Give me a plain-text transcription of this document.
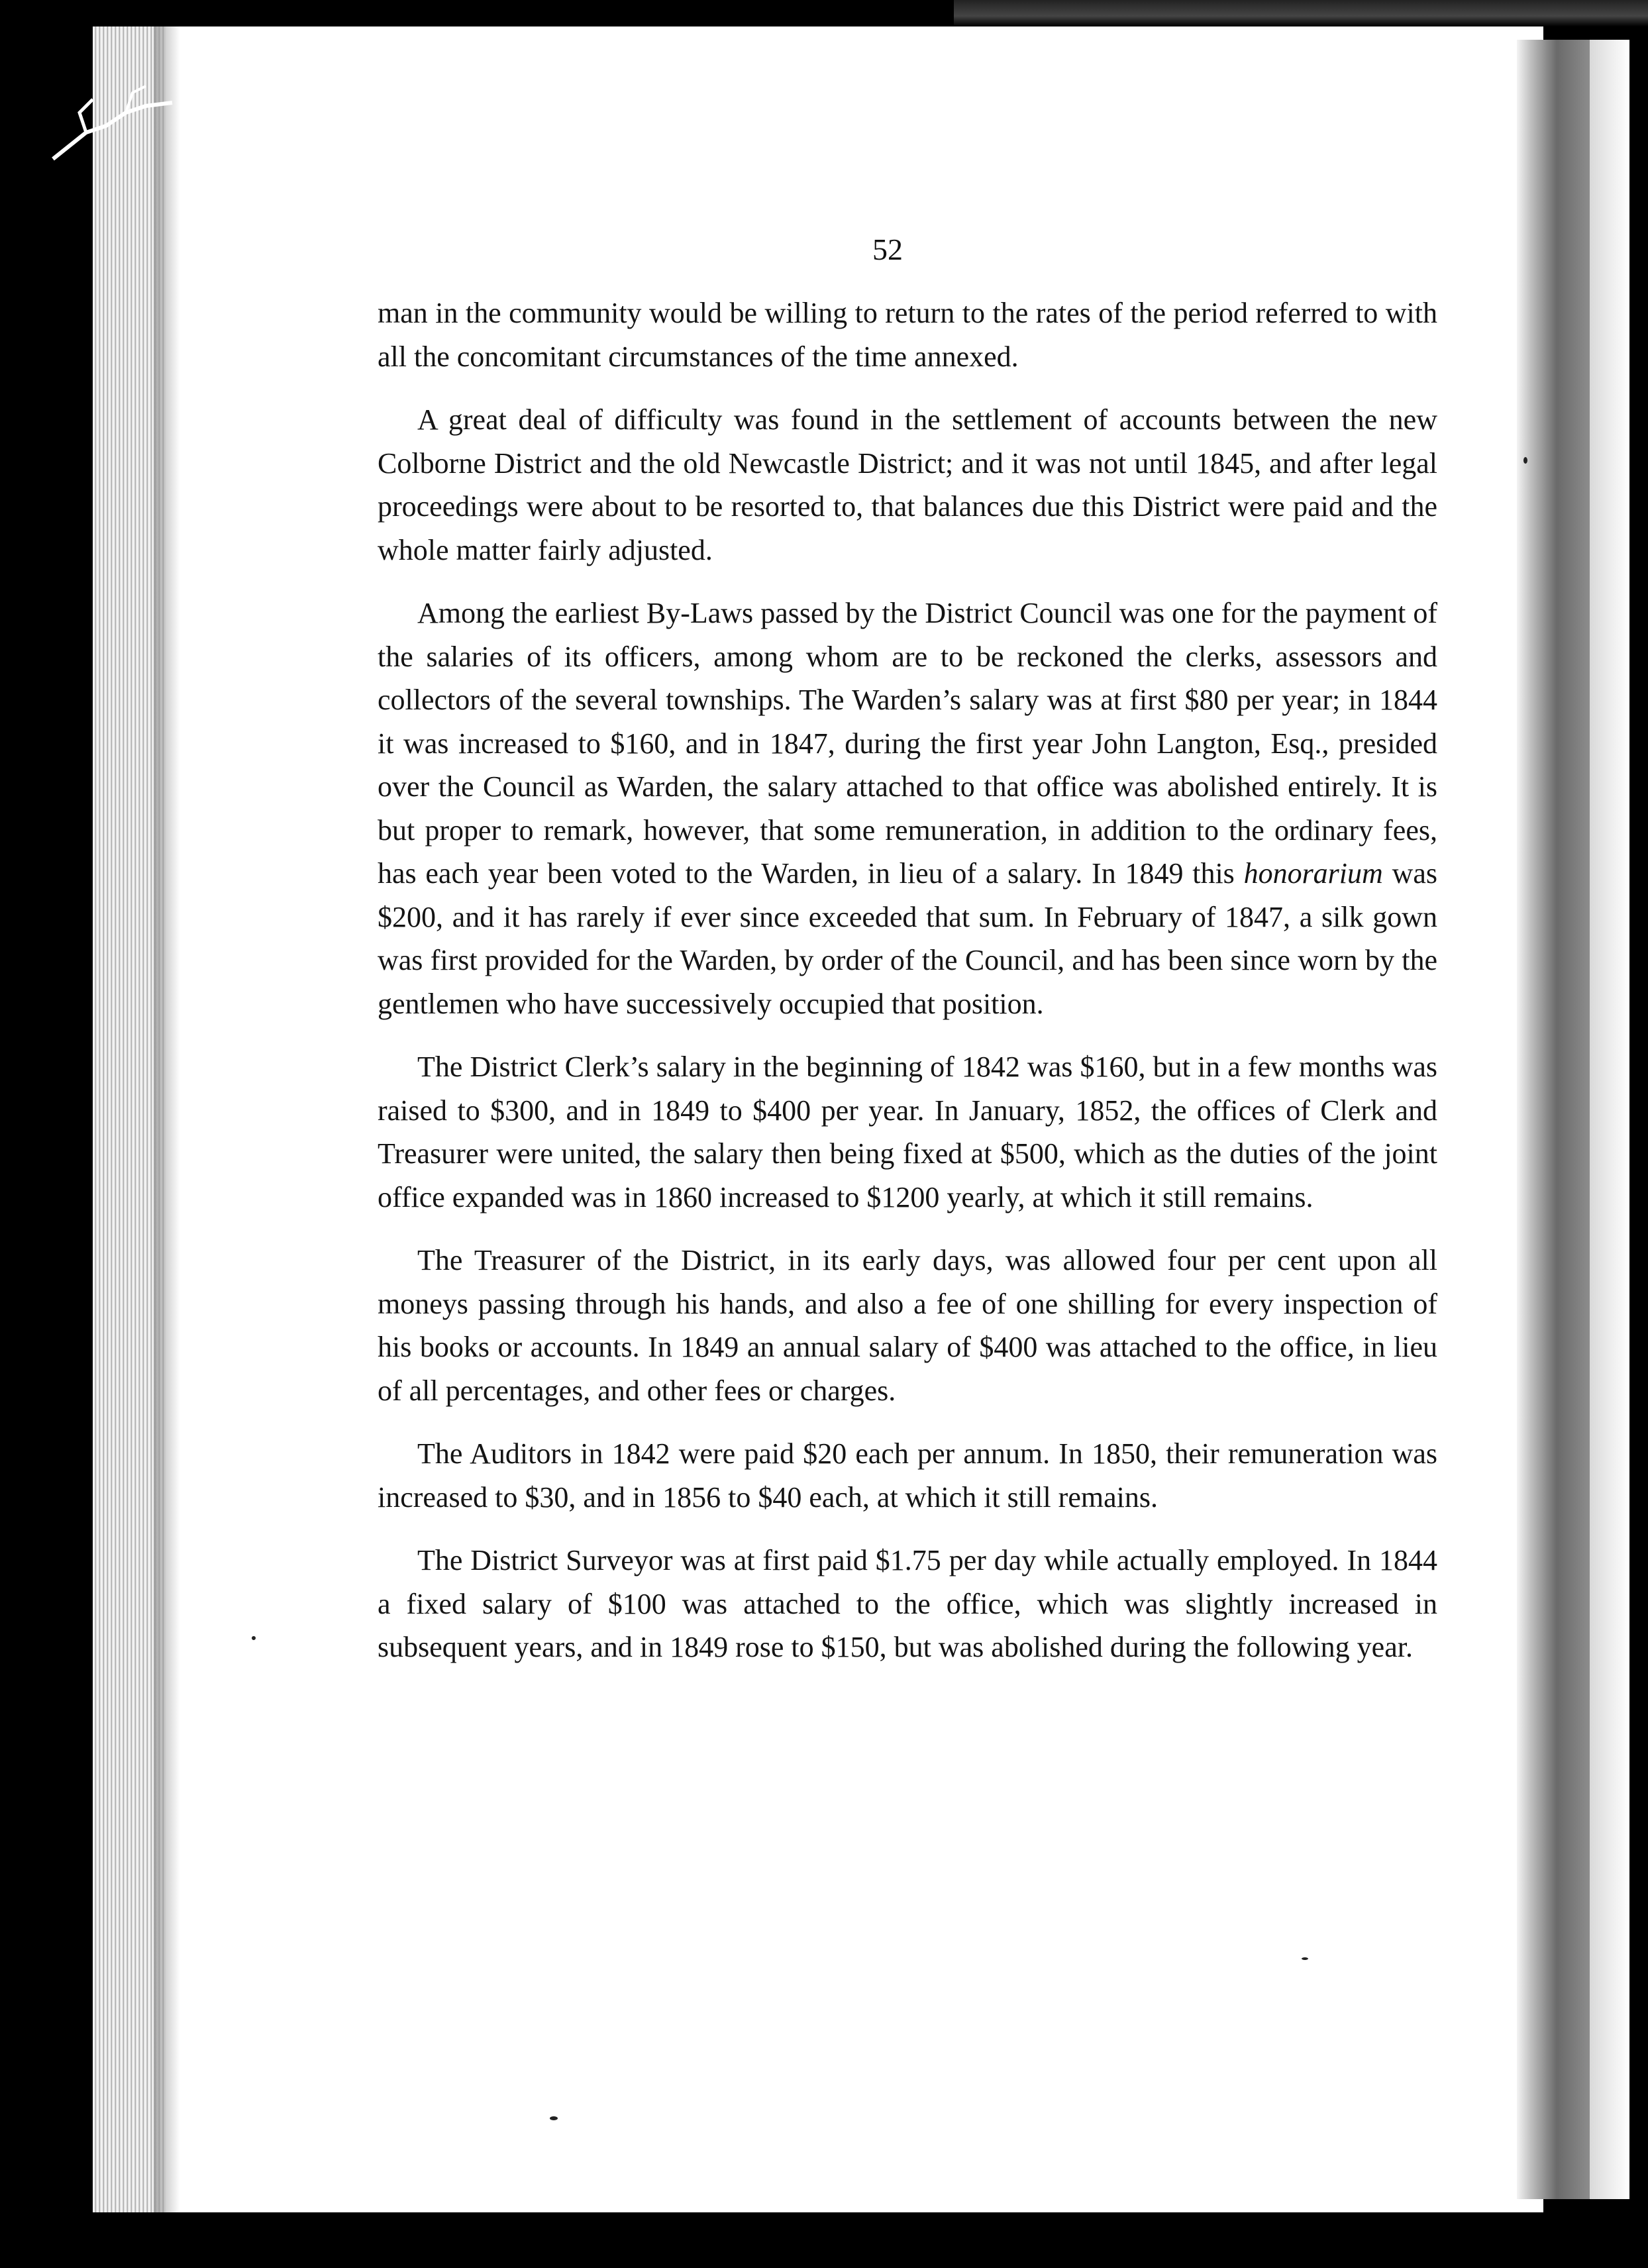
52

man in the community would be willing to return to the rates of the period referred to with all the concomitant circumstances of the time annexed.

A great deal of difficulty was found in the settlement of accounts between the new Colborne District and the old Newcastle District; and it was not until 1845, and after legal proceedings were about to be resorted to, that balances due this District were paid and the whole matter fairly adjusted.

Among the earliest By-Laws passed by the District Council was one for the payment of the salaries of its officers, among whom are to be reckoned the clerks, assessors and collectors of the several townships. The Warden’s salary was at first $80 per year; in 1844 it was increased to $160, and in 1847, during the first year John Langton, Esq., presided over the Council as Warden, the salary attached to that office was abolished entirely. It is but proper to remark, however, that some remuneration, in addition to the ordinary fees, has each year been voted to the Warden, in lieu of a salary. In 1849 this honorarium was $200, and it has rarely if ever since exceeded that sum. In February of 1847, a silk gown was first provided for the Warden, by order of the Council, and has been since worn by the gentlemen who have successively occupied that position.

The District Clerk’s salary in the beginning of 1842 was $160, but in a few months was raised to $300, and in 1849 to $400 per year. In January, 1852, the offices of Clerk and Treasurer were united, the salary then being fixed at $500, which as the duties of the joint office expanded was in 1860 increased to $1200 yearly, at which it still remains.

The Treasurer of the District, in its early days, was allowed four per cent upon all moneys passing through his hands, and also a fee of one shilling for every inspection of his books or accounts. In 1849 an annual salary of $400 was attached to the office, in lieu of all percentages, and other fees or charges.

The Auditors in 1842 were paid $20 each per annum. In 1850, their remuneration was increased to $30, and in 1856 to $40 each, at which it still remains.

The District Surveyor was at first paid $1.75 per day while actually employed. In 1844 a fixed salary of $100 was attached to the office, which was slightly increased in subsequent years, and in 1849 rose to $150, but was abolished during the following year.
